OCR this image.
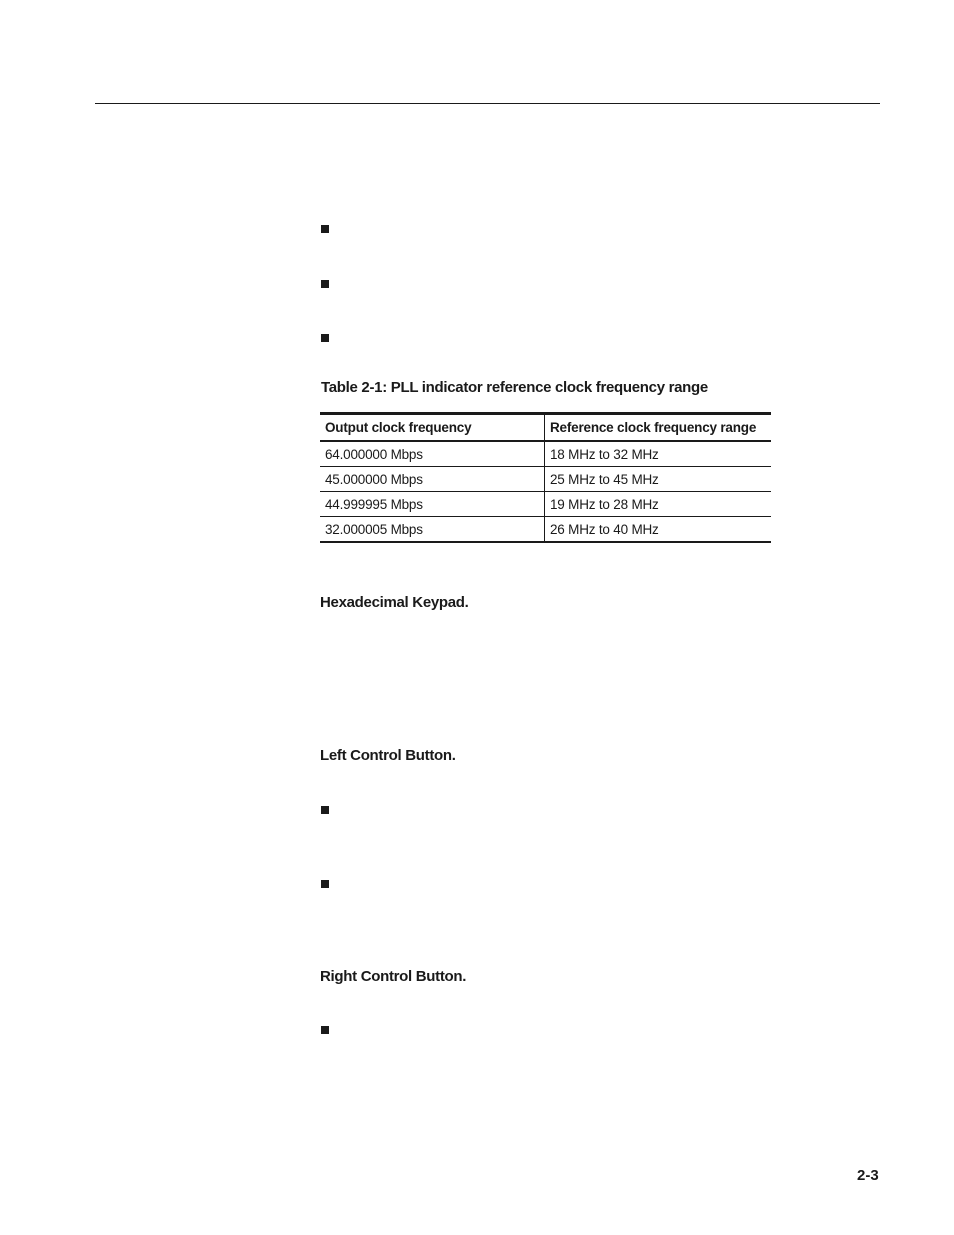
Table 2-1: PLL indicator reference clock frequency range
Output clock frequency	Reference clock frequency range
64.000000 Mbps	18 MHz to 32 MHz
45.000000 Mbps	25 MHz to 45 MHz
44.999995 Mbps	19 MHz to 28 MHz
32.000005 Mbps	26 MHz to 40 MHz
Hexadecimal Keypad.
Left Control Button.
Right Control Button.
2-3
